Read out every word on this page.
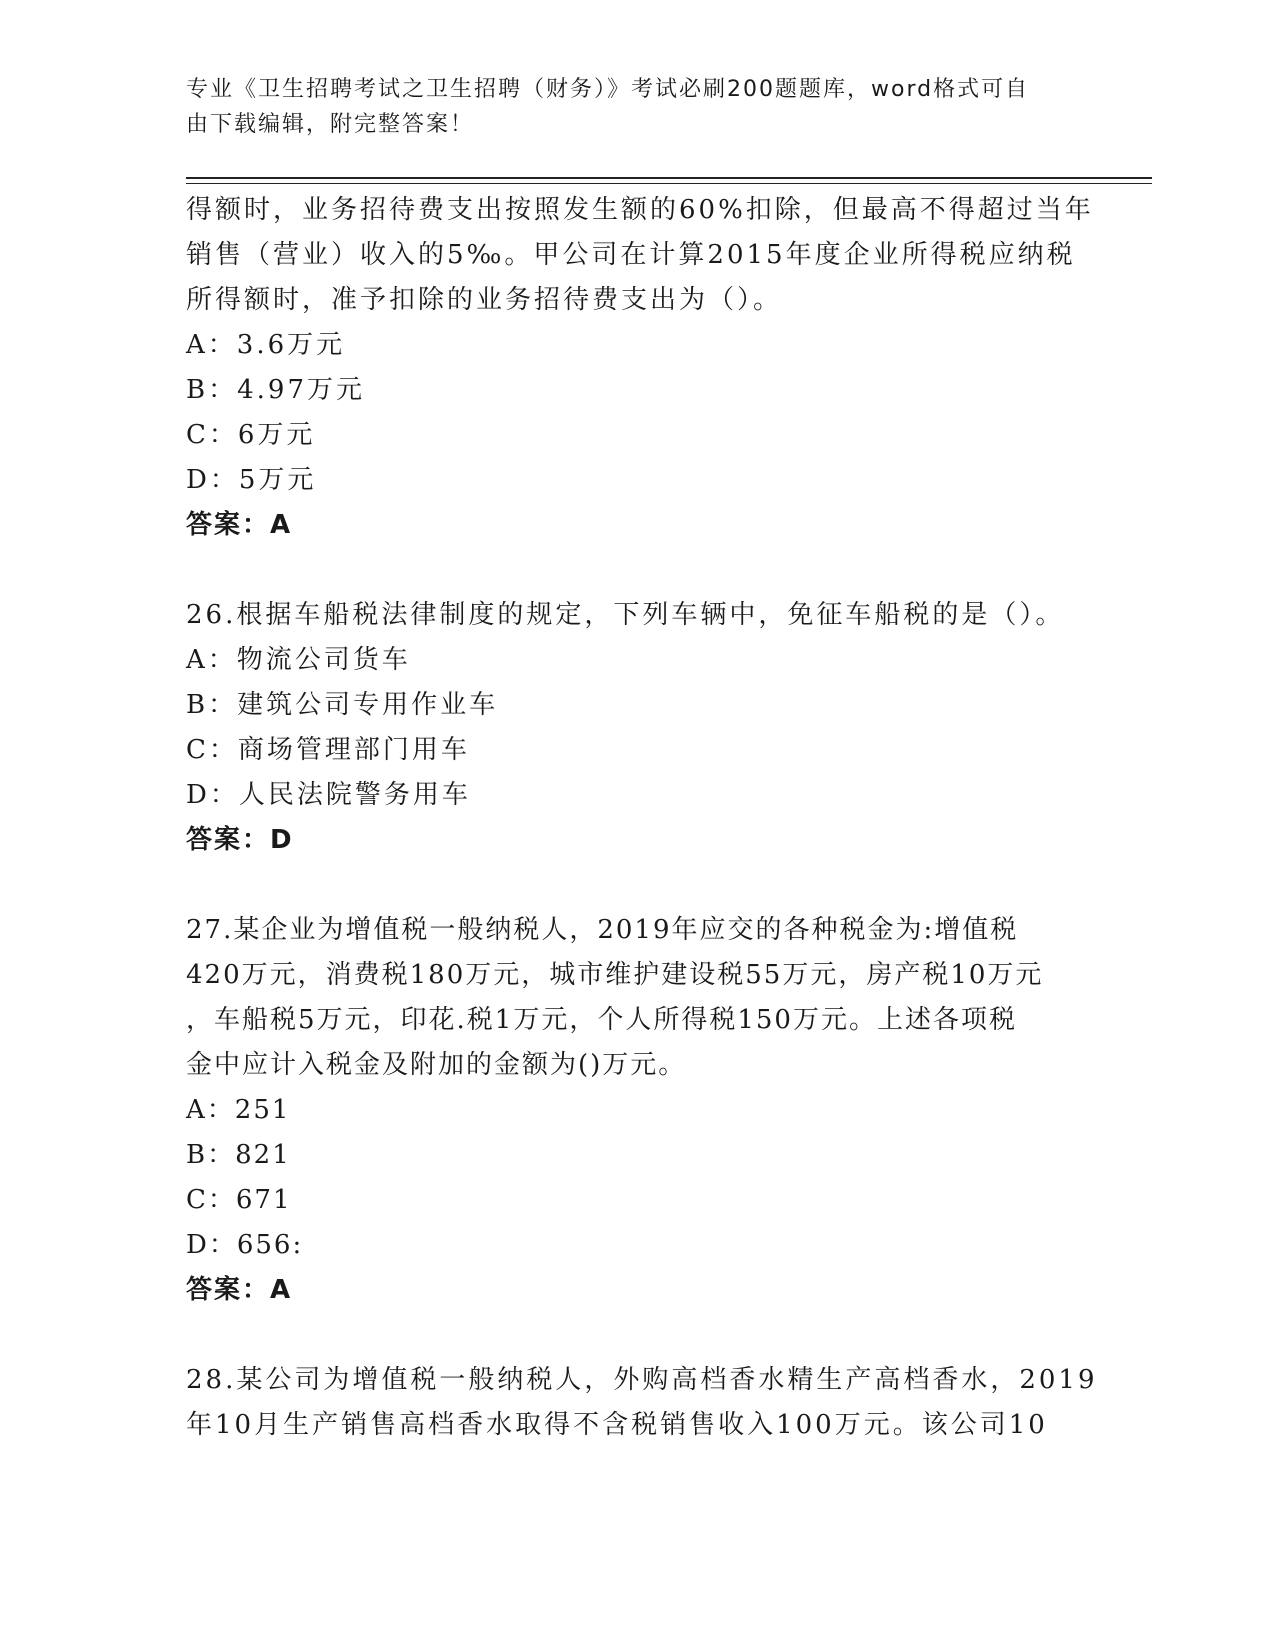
专业《卫生招聘考试之卫生招聘（财务）》考试必刷200题题库，word格式可自
由下载编辑，附完整答案！
得额时，业务招待费支出按照发生额的60%扣除，但最高不得超过当年
销售（营业）收入的5‰。甲公司在计算2015年度企业所得税应纳税
所得额时，准予扣除的业务招待费支出为（）。
A：3.6万元
B：4.97万元
C：6万元
D：5万元
答案：A
26.根据车船税法律制度的规定，下列车辆中，免征车船税的是（）。
A：物流公司货车
B：建筑公司专用作业车
C：商场管理部门用车
D：人民法院警务用车
答案：D
27.某企业为增值税一般纳税人，2019年应交的各种税金为:增值税
420万元，消费税180万元，城市维护建设税55万元，房产税10万元
，车船税5万元，印花.税1万元，个人所得税150万元。上述各项税
金中应计入税金及附加的金额为()万元。
A：251
B：821
C：671
D：656:
答案：A
28.某公司为增值税一般纳税人，外购高档香水精生产高档香水，2019
年10月生产销售高档香水取得不含税销售收入100万元。该公司10
